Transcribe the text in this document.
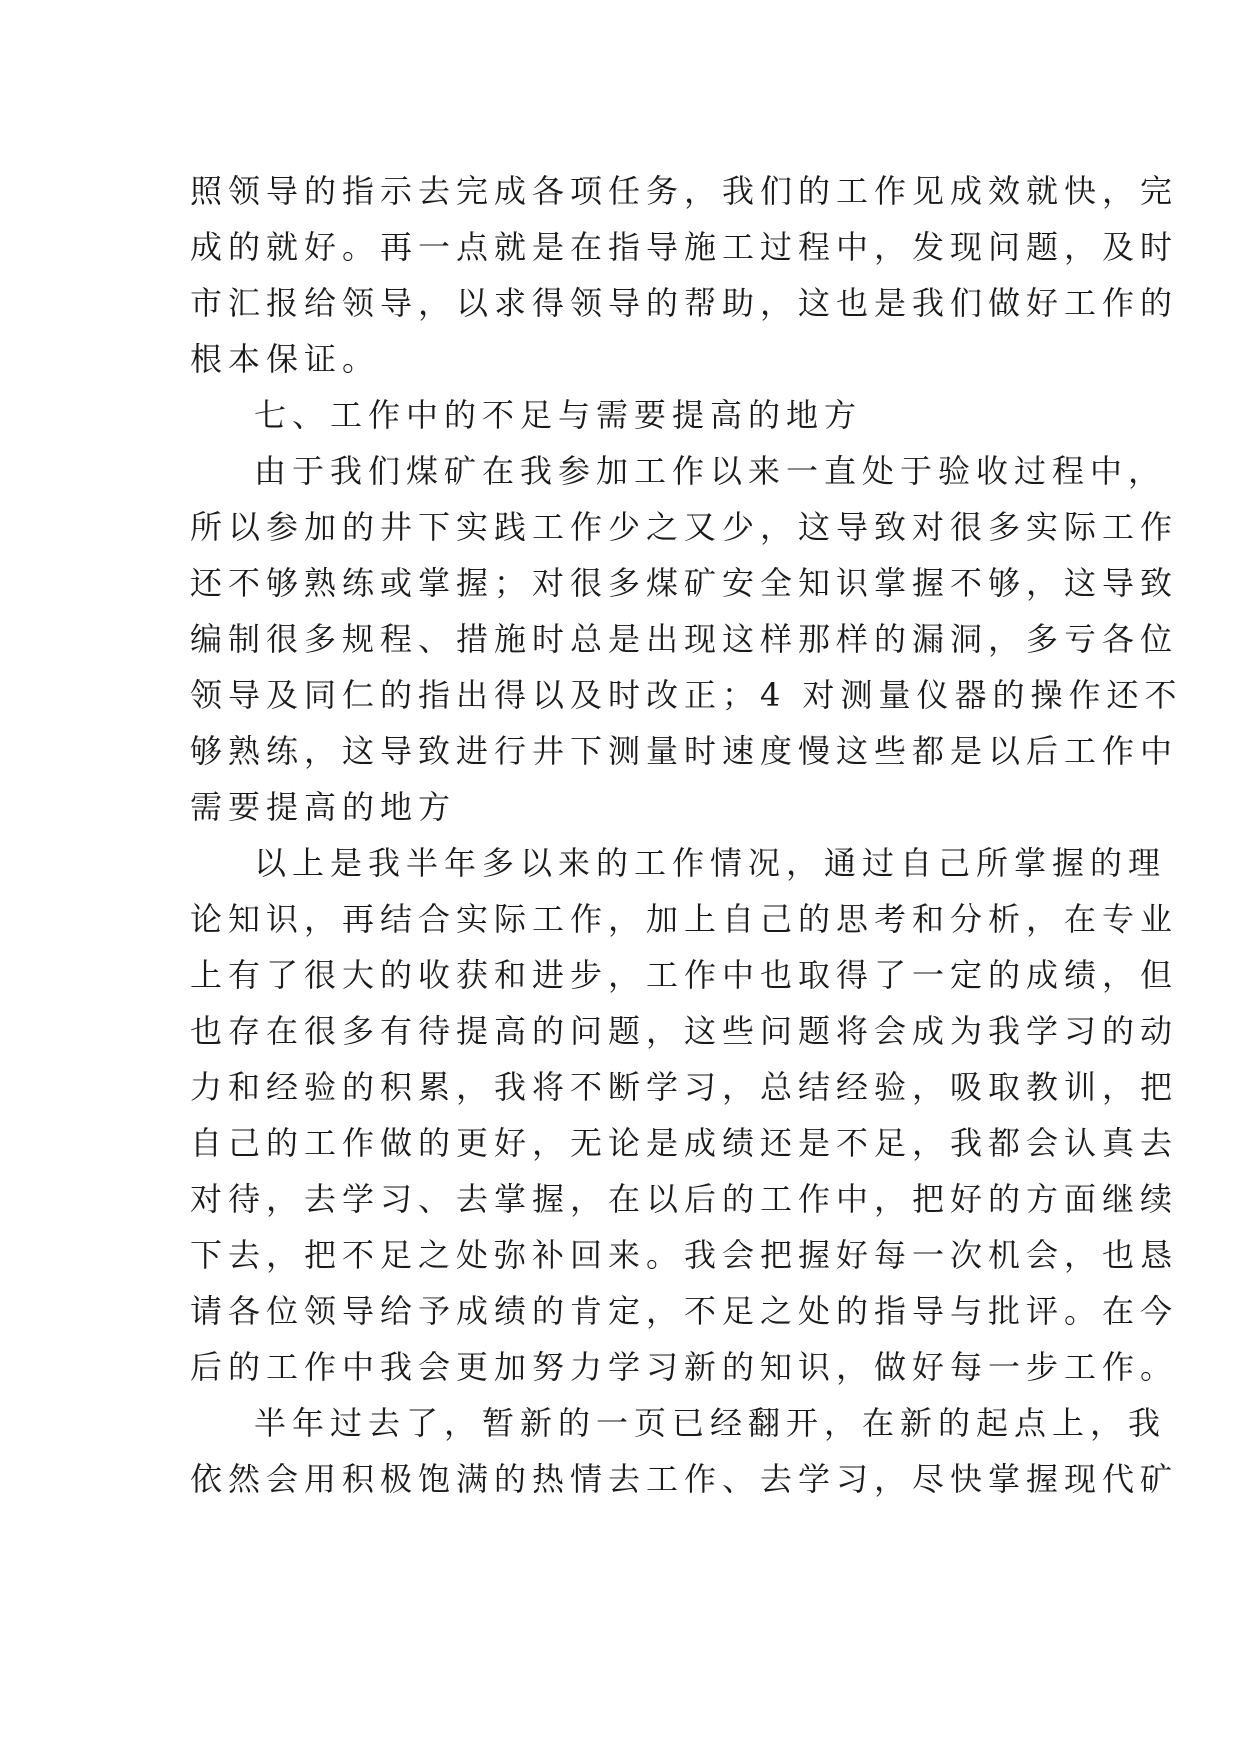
照领导的指示去完成各项任务，我们的工作见成效就快，完
成的就好。再一点就是在指导施工过程中，发现问题，及时
市汇报给领导，以求得领导的帮助，这也是我们做好工作的
根本保证。
七、工作中的不足与需要提高的地方
由于我们煤矿在我参加工作以来一直处于验收过程中，
所以参加的井下实践工作少之又少，这导致对很多实际工作
还不够熟练或掌握；对很多煤矿安全知识掌握不够，这导致
编制很多规程、措施时总是出现这样那样的漏洞，多亏各位
领导及同仁的指出得以及时改正；4 对测量仪器的操作还不
够熟练，这导致进行井下测量时速度慢这些都是以后工作中
需要提高的地方
以上是我半年多以来的工作情况，通过自己所掌握的理
论知识，再结合实际工作，加上自己的思考和分析，在专业
上有了很大的收获和进步，工作中也取得了一定的成绩，但
也存在很多有待提高的问题，这些问题将会成为我学习的动
力和经验的积累，我将不断学习，总结经验，吸取教训，把
自己的工作做的更好，无论是成绩还是不足，我都会认真去
对待，去学习、去掌握，在以后的工作中，把好的方面继续
下去，把不足之处弥补回来。我会把握好每一次机会，也恳
请各位领导给予成绩的肯定，不足之处的指导与批评。在今
后的工作中我会更加努力学习新的知识，做好每一步工作。
半年过去了，暂新的一页已经翻开，在新的起点上，我
依然会用积极饱满的热情去工作、去学习，尽快掌握现代矿
